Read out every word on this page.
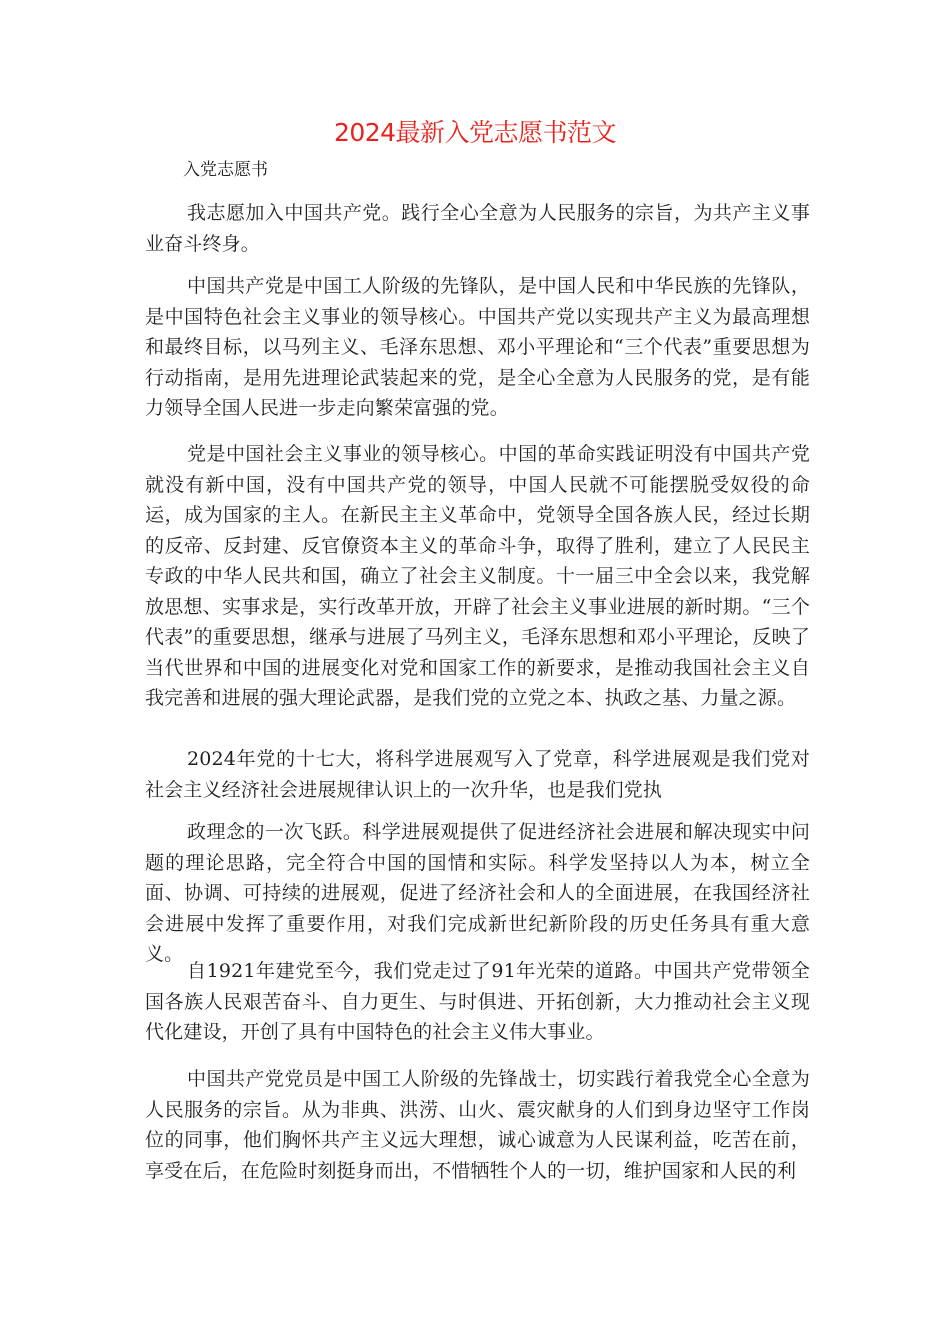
2024最新入党志愿书范文
入党志愿书

我志愿加入中国共产党。践行全心全意为人民服务的宗旨，为共产主义事业奋斗终身。

中国共产党是中国工人阶级的先锋队，是中国人民和中华民族的先锋队，是中国特色社会主义事业的领导核心。中国共产党以实现共产主义为最高理想和最终目标，以马列主义、毛泽东思想、邓小平理论和“三个代表”重要思想为行动指南，是用先进理论武装起来的党，是全心全意为人民服务的党，是有能力领导全国人民进一步走向繁荣富强的党。

党是中国社会主义事业的领导核心。中国的革命实践证明没有中国共产党就没有新中国，没有中国共产党的领导，中国人民就不可能摆脱受奴役的命运，成为国家的主人。在新民主主义革命中，党领导全国各族人民，经过长期的反帝、反封建、反官僚资本主义的革命斗争，取得了胜利，建立了人民民主专政的中华人民共和国，确立了社会主义制度。十一届三中全会以来，我党解放思想、实事求是，实行改革开放，开辟了社会主义事业进展的新时期。“三个代表”的重要思想，继承与进展了马列主义，毛泽东思想和邓小平理论，反映了当代世界和中国的进展变化对党和国家工作的新要求，是推动我国社会主义自我完善和进展的强大理论武器，是我们党的立党之本、执政之基、力量之源。

2024年党的十七大，将科学进展观写入了党章，科学进展观是我们党对社会主义经济社会进展规律认识上的一次升华，也是我们党执

政理念的一次飞跃。科学进展观提供了促进经济社会进展和解决现实中问题的理论思路，完全符合中国的国情和实际。科学发坚持以人为本，树立全面、协调、可持续的进展观，促进了经济社会和人的全面进展，在我国经济社会进展中发挥了重要作用，对我们完成新世纪新阶段的历史任务具有重大意义。

自1921年建党至今，我们党走过了91年光荣的道路。中国共产党带领全国各族人民艰苦奋斗、自力更生、与时俱进、开拓创新，大力推动社会主义现代化建设，开创了具有中国特色的社会主义伟大事业。

中国共产党党员是中国工人阶级的先锋战士，切实践行着我党全心全意为人民服务的宗旨。从为非典、洪涝、山火、震灾献身的人们到身边坚守工作岗位的同事，他们胸怀共产主义远大理想，诚心诚意为人民谋利益，吃苦在前，享受在后，在危险时刻挺身而出，不惜牺牲个人的一切，维护国家和人民的利
